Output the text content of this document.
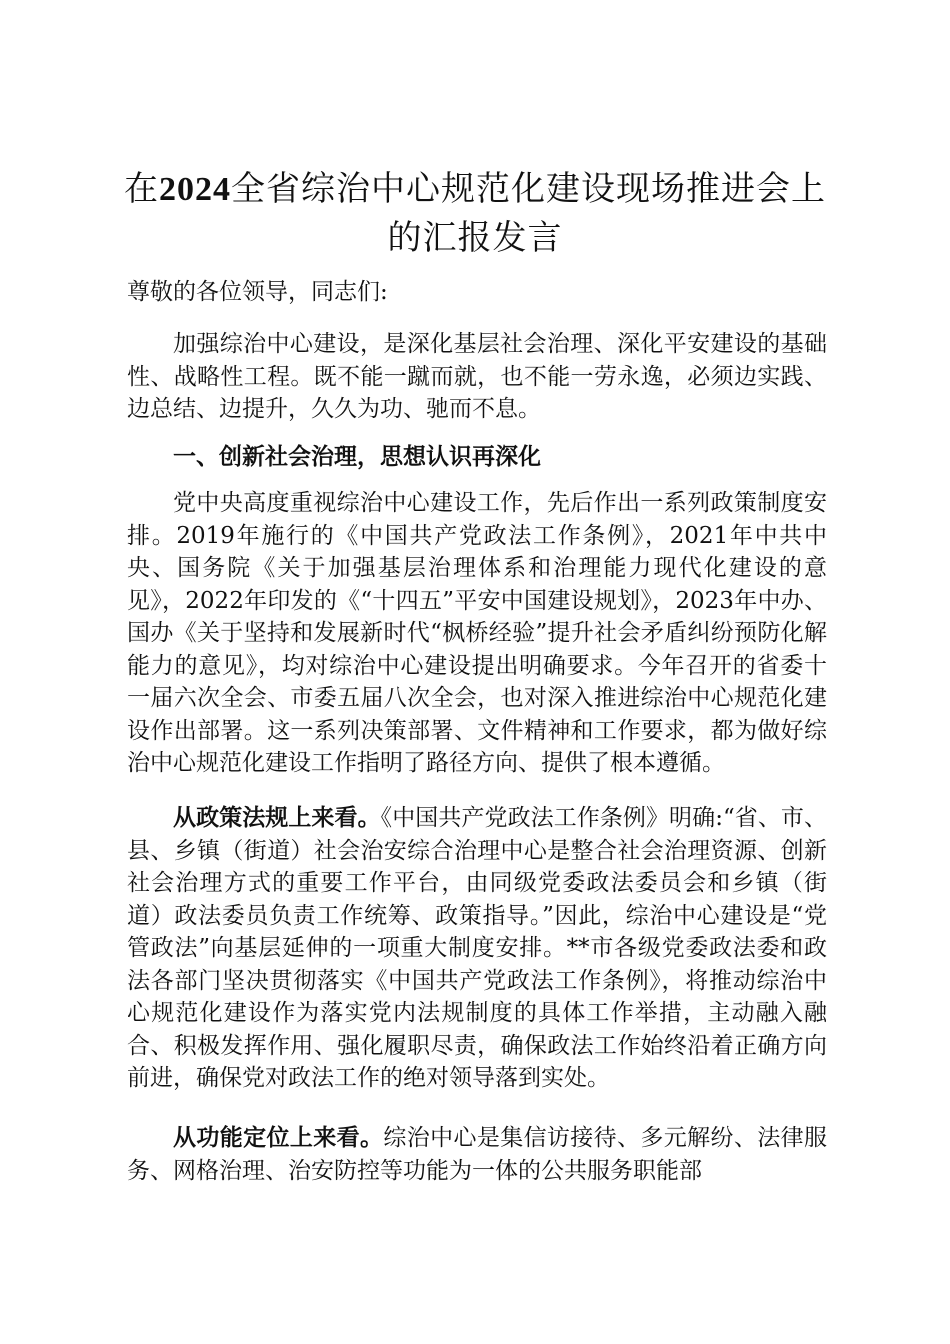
在2024全省综治中心规范化建设现场推进会上的汇报发言
尊敬的各位领导，同志们:

加强综治中心建设，是深化基层社会治理、深化平安建设的基础性、战略性工程。既不能一蹴而就，也不能一劳永逸，必须边实践、边总结、边提升，久久为功、驰而不息。

一、创新社会治理，思想认识再深化

党中央高度重视综治中心建设工作，先后作出一系列政策制度安排。2019年施行的《中国共产党政法工作条例》，2021年中共中央、国务院《关于加强基层治理体系和治理能力现代化建设的意见》，2022年印发的《“十四五”平安中国建设规划》，2023年中办、国办《关于坚持和发展新时代“枫桥经验”提升社会矛盾纠纷预防化解能力的意见》，均对综治中心建设提出明确要求。今年召开的省委十一届六次全会、市委五届八次全会，也对深入推进综治中心规范化建设作出部署。这一系列决策部署、文件精神和工作要求，都为做好综治中心规范化建设工作指明了路径方向、提供了根本遵循。

从政策法规上来看。《中国共产党政法工作条例》明确:“省、市、县、乡镇（街道）社会治安综合治理中心是整合社会治理资源、创新社会治理方式的重要工作平台，由同级党委政法委员会和乡镇（街道）政法委员负责工作统筹、政策指导。”因此，综治中心建设是“党管政法”向基层延伸的一项重大制度安排。**市各级党委政法委和政法各部门坚决贯彻落实《中国共产党政法工作条例》，将推动综治中心规范化建设作为落实党内法规制度的具体工作举措，主动融入融合、积极发挥作用、强化履职尽责，确保政法工作始终沿着正确方向前进，确保党对政法工作的绝对领导落到实处。

从功能定位上来看。综治中心是集信访接待、多元解纷、法律服务、网格治理、治安防控等功能为一体的公共服务职能部
